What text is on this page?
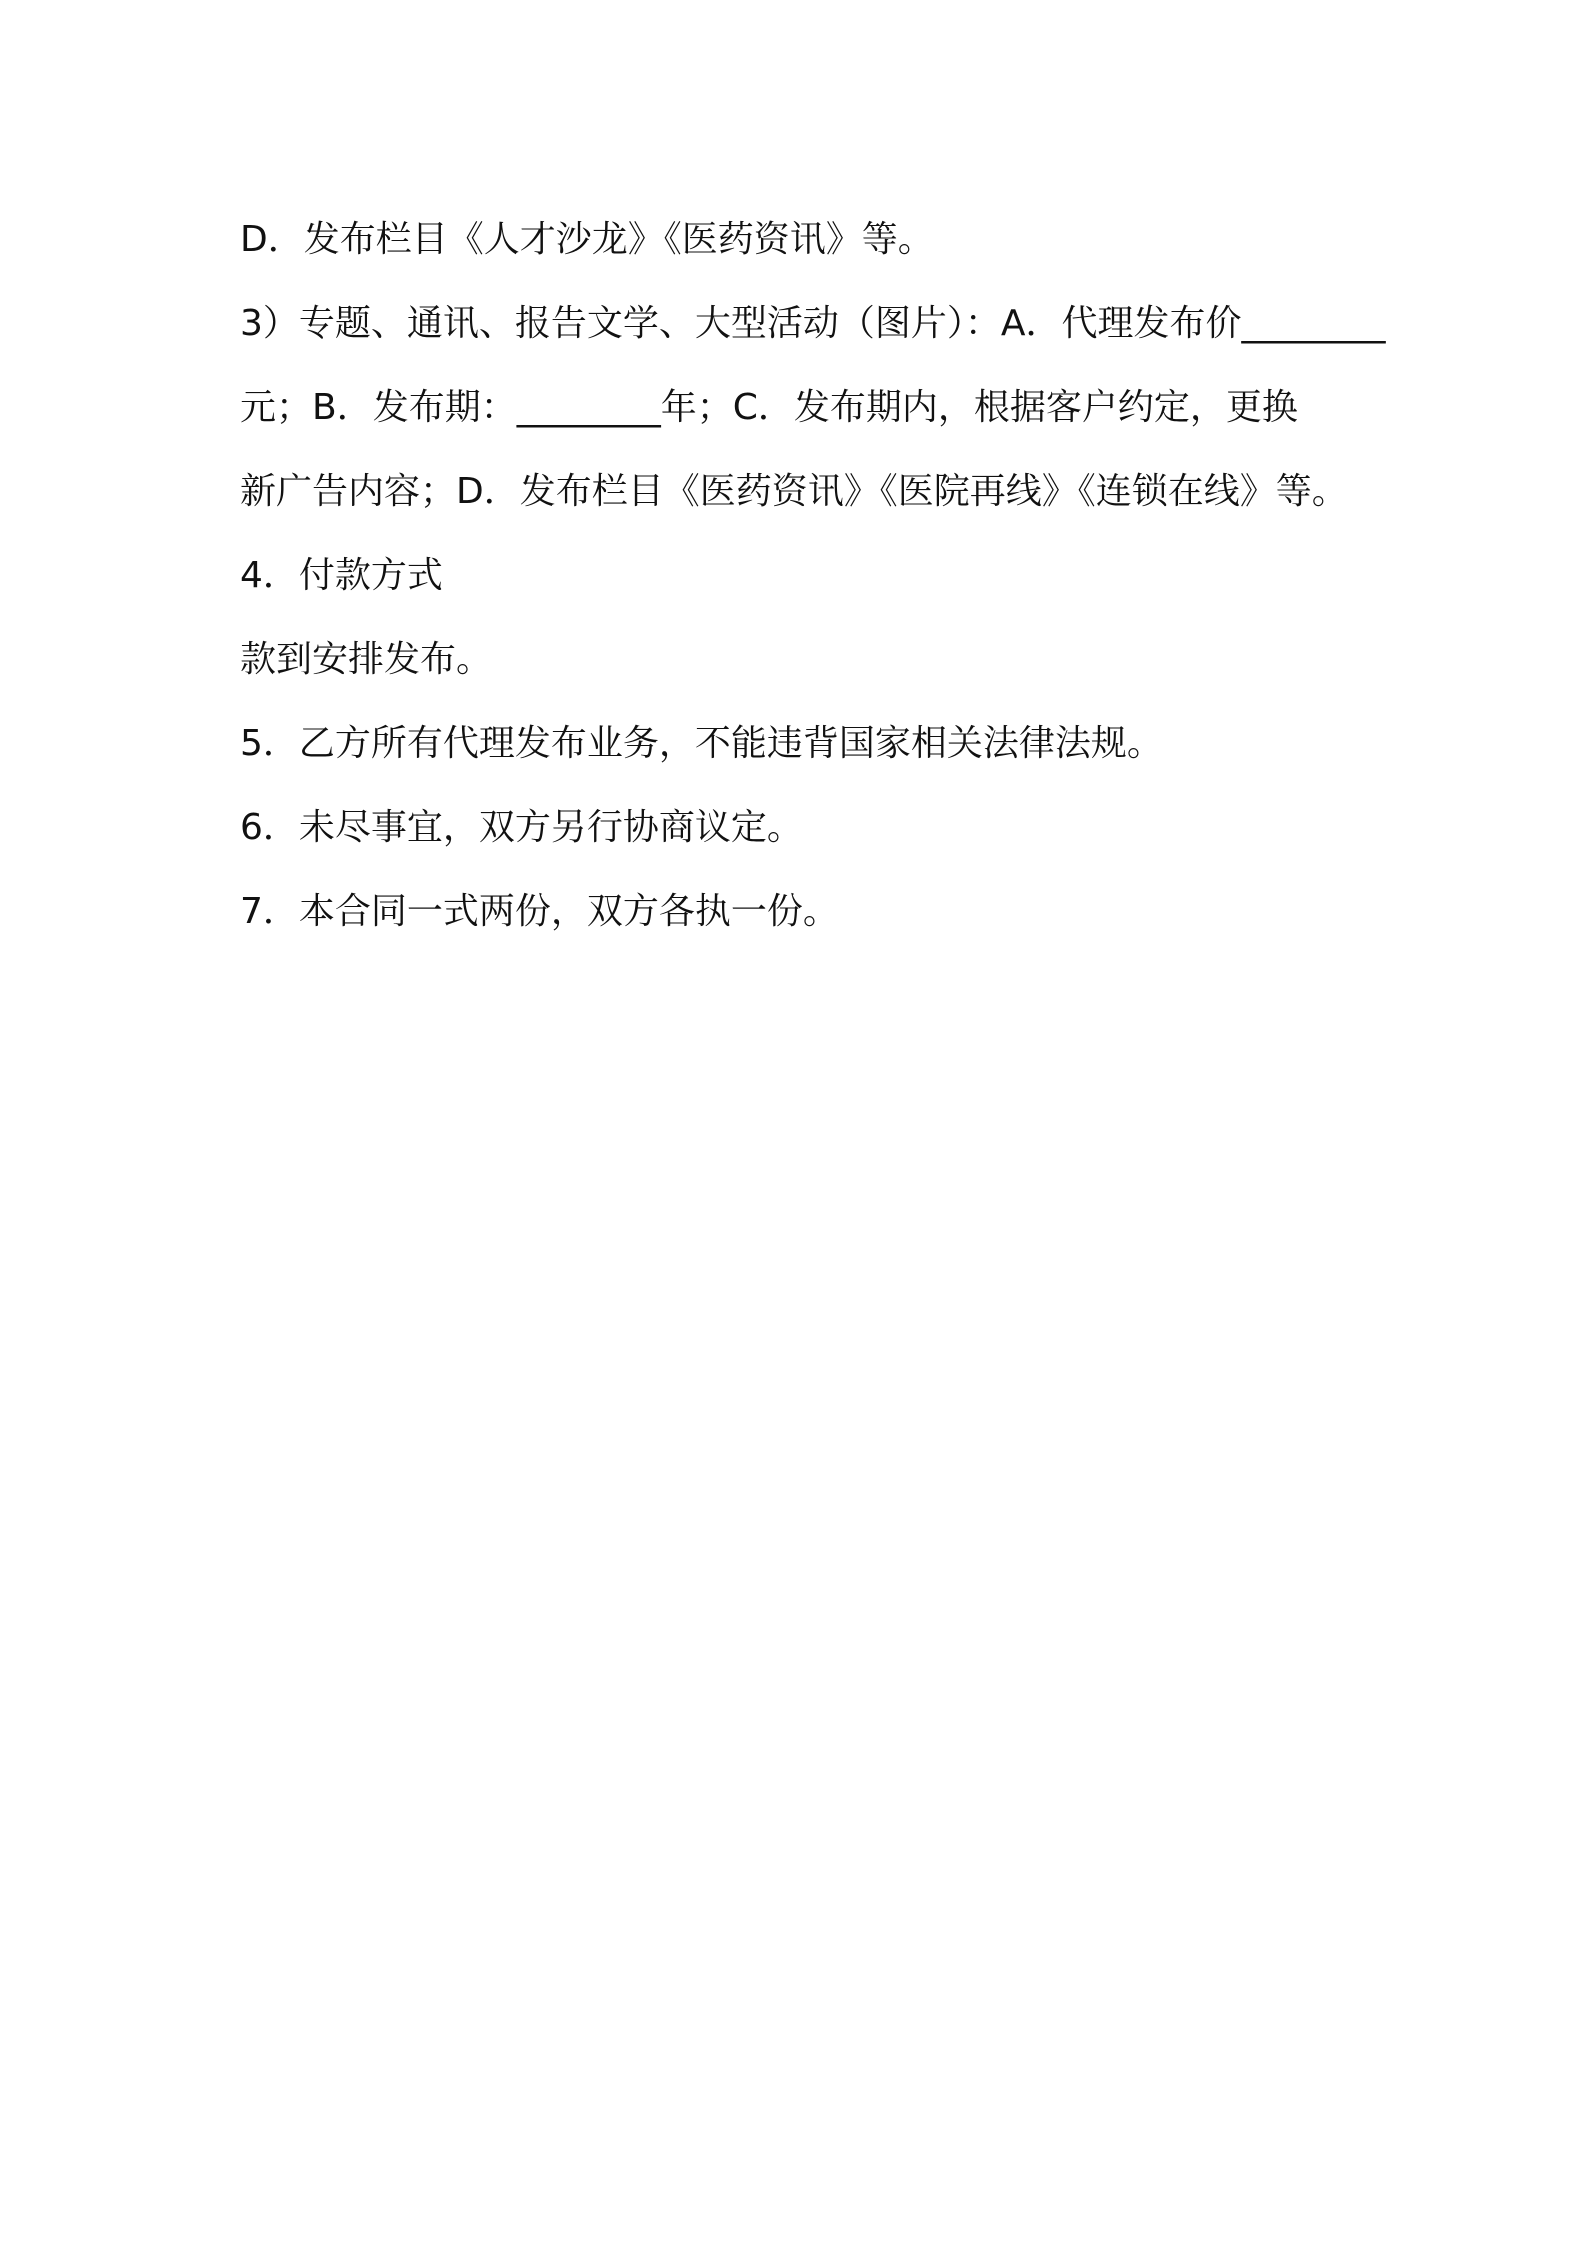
D．发布栏目《人才沙龙》《医药资讯》等。
3）专题、通讯、报告文学、大型活动（图片）：A．代理发布价________
元；B．发布期：________年；C．发布期内，根据客户约定，更换
新广告内容；D．发布栏目《医药资讯》《医院再线》《连锁在线》等。
4．付款方式
款到安排发布。
5．乙方所有代理发布业务，不能违背国家相关法律法规。
6．未尽事宜，双方另行协商议定。
7．本合同一式两份，双方各执一份。
